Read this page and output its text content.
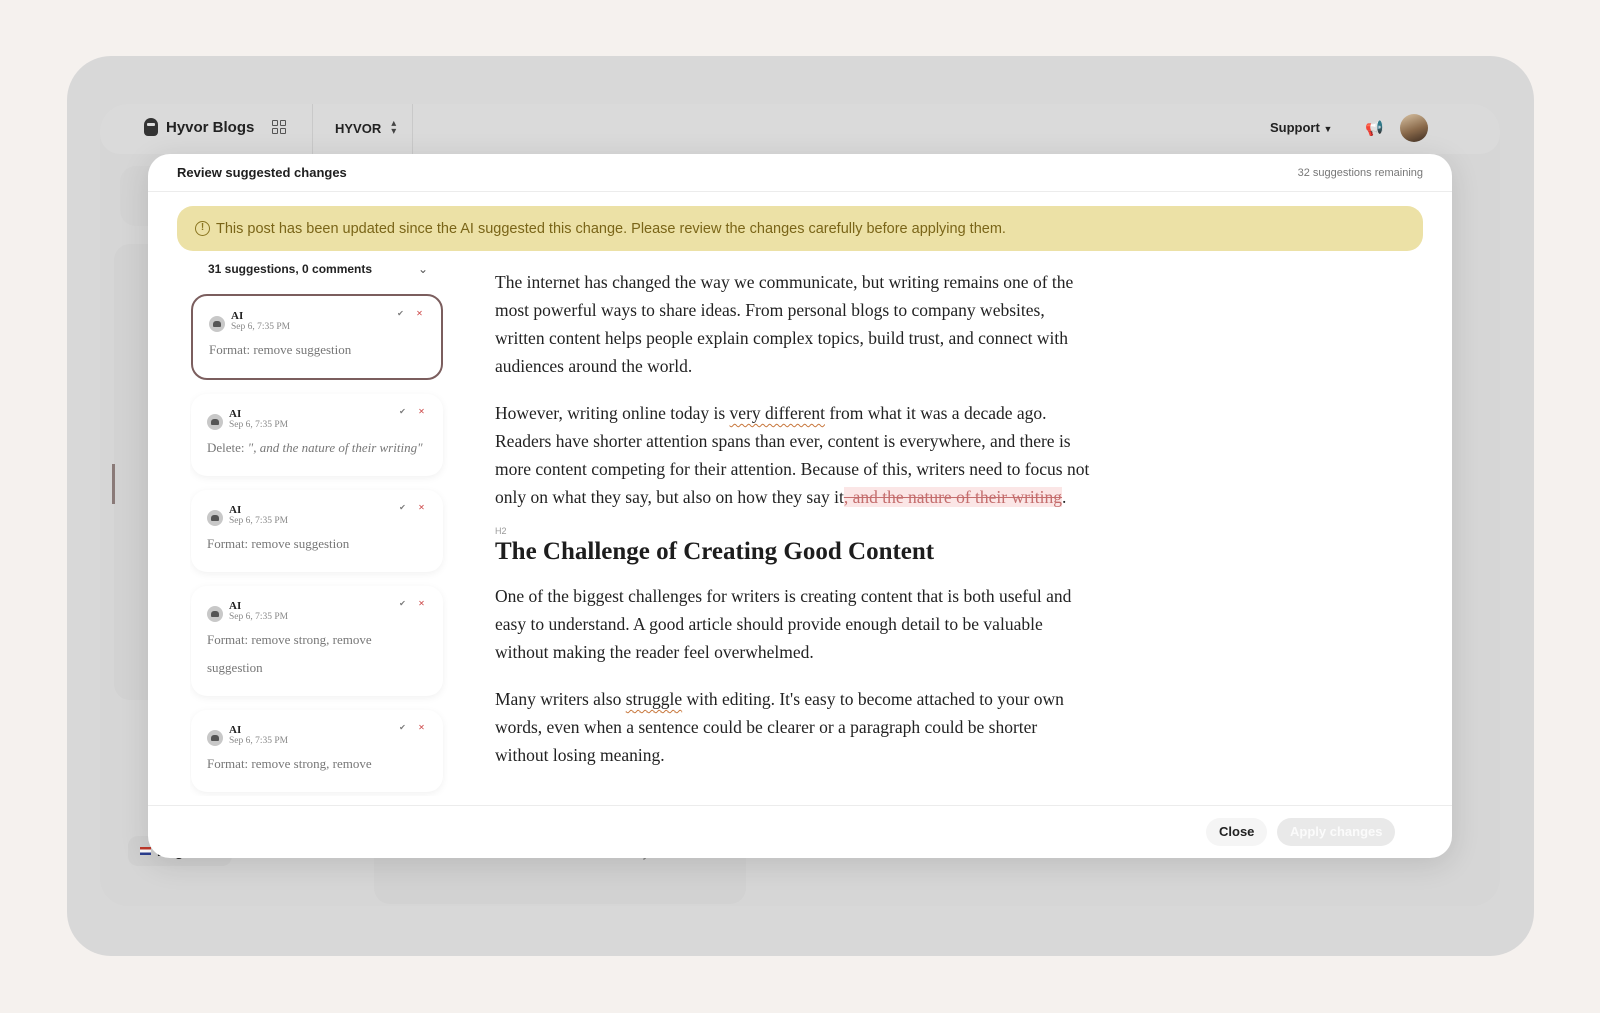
Hyvor Blogs	HYVOR ▴
▾	Support ▼ 📢
Review suggested changes	32 suggestions remaining
! This post has been updated since the AI suggested this change. Please review the changes carefully before applying them.
31 suggestions, 0 comments	⌄
AI
Sep 6, 7:35 PM
✔ ✕
Format: remove suggestion
AI
Sep 6, 7:35 PM
✔ ✕
Delete: ", and the nature of their writing"
AI
Sep 6, 7:35 PM
✔ ✕
Format: remove suggestion
AI
Sep 6, 7:35 PM
✔ ✕
Format: remove strong, remove suggestion
AI
Sep 6, 7:35 PM
✔ ✕
Format: remove strong, remove

The internet has changed the way we communicate, but writing remains one of the most powerful ways to share ideas. From personal blogs to company websites, written content helps people explain complex topics, build trust, and connect with audiences around the world.

However, writing online today is very different from what it was a decade ago. Readers have shorter attention spans than ever, content is everywhere, and there is more content competing for their attention. Because of this, writers need to focus not only on what they say, but also on how they say it, and the nature of their writing.

H2
The Challenge of Creating Good Content

One of the biggest challenges for writers is creating content that is both useful and easy to understand. A good article should provide enough detail to be valuable without making the reader feel overwhelmed.

Many writers also struggle with editing. It's easy to become attached to your own words, even when a sentence could be clearer or a paragraph could be shorter without losing meaning.

Close	Apply changes
